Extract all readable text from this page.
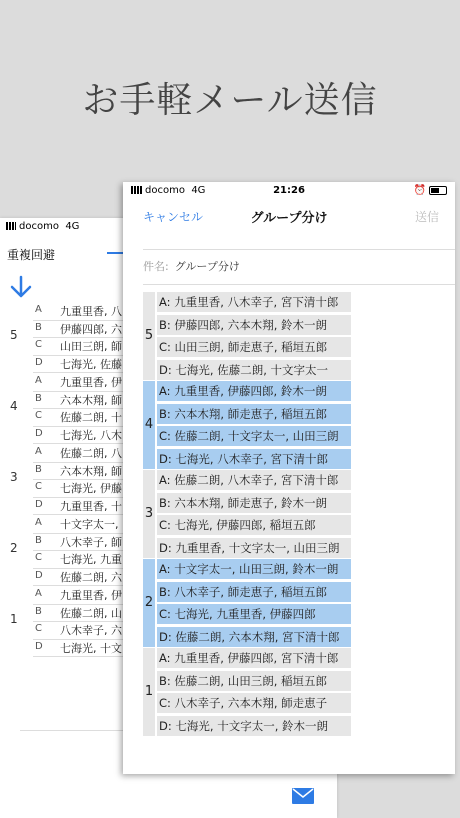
お手軽メール送信
docomo 4G
重複回避
5
A 九重里香, 八
B 伊藤四郎, 六
C 山田三朗, 師
D 七海光, 佐藤
4
A 九重里香, 伊
B 六本木翔, 師
C 佐藤二朗, 十
D 七海光, 八木
3
A 佐藤二朗, 八
B 六本木翔, 師
C 七海光, 伊藤
D 九重里香, 十
2
A 十文字太一,
B 八木幸子, 師
C 七海光, 九重
D 佐藤二朗, 六
1
A 九重里香, 伊
B 佐藤二朗, 山
C 八木幸子, 六
D 七海光, 十文
docomo 4G	21:26	⏰
キャンセル	グループ分け	送信
件名: グループ分け
5
A: 九重里香, 八木幸子, 宮下清十郎
B: 伊藤四郎, 六本木翔, 鈴木一朗
C: 山田三朗, 師走恵子, 稲垣五郎
D: 七海光, 佐藤二朗, 十文字太一
4
A: 九重里香, 伊藤四郎, 鈴木一朗
B: 六本木翔, 師走恵子, 稲垣五郎
C: 佐藤二朗, 十文字太一, 山田三朗
D: 七海光, 八木幸子, 宮下清十郎
3
A: 佐藤二朗, 八木幸子, 宮下清十郎
B: 六本木翔, 師走恵子, 鈴木一朗
C: 七海光, 伊藤四郎, 稲垣五郎
D: 九重里香, 十文字太一, 山田三朗
2
A: 十文字太一, 山田三朗, 鈴木一朗
B: 八木幸子, 師走恵子, 稲垣五郎
C: 七海光, 九重里香, 伊藤四郎
D: 佐藤二朗, 六本木翔, 宮下清十郎
1
A: 九重里香, 伊藤四郎, 宮下清十郎
B: 佐藤二朗, 山田三朗, 稲垣五郎
C: 八木幸子, 六本木翔, 師走恵子
D: 七海光, 十文字太一, 鈴木一朗
